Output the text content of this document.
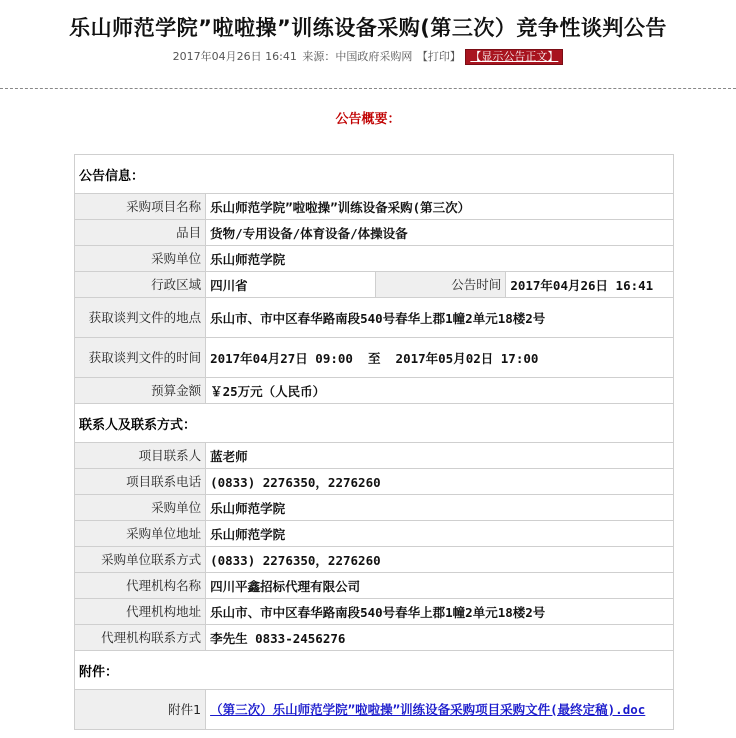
乐山师范学院”啦啦操”训练设备采购(第三次）竞争性谈判公告
2017年04月26日 16:41 来源：中国政府采购网 【打印】 【显示公告正文】
公告概要：
公告信息：			
采购项目名称	乐山师范学院”啦啦操”训练设备采购(第三次）		
品目	货物/专用设备/体育设备/体操设备		
采购单位	乐山师范学院		
行政区域	四川省	公告时间	2017年04月26日 16:41
获取谈判文件的地点	乐山市、市中区春华路南段540号春华上郡1幢2单元18楼2号		
获取谈判文件的时间	2017年04月27日 09:00  至  2017年05月02日 17:00		
预算金额	￥25万元（人民币）		
联系人及联系方式：			
项目联系人	蓝老师		
项目联系电话	(0833) 2276350，2276260		
采购单位	乐山师范学院		
采购单位地址	乐山师范学院		
采购单位联系方式	(0833) 2276350，2276260		
代理机构名称	四川平鑫招标代理有限公司		
代理机构地址	乐山市、市中区春华路南段540号春华上郡1幢2单元18楼2号		
代理机构联系方式	李先生 0833-2456276		
附件：			
附件1	（第三次）乐山师范学院”啦啦操”训练设备采购项目采购文件(最终定稿).doc		
